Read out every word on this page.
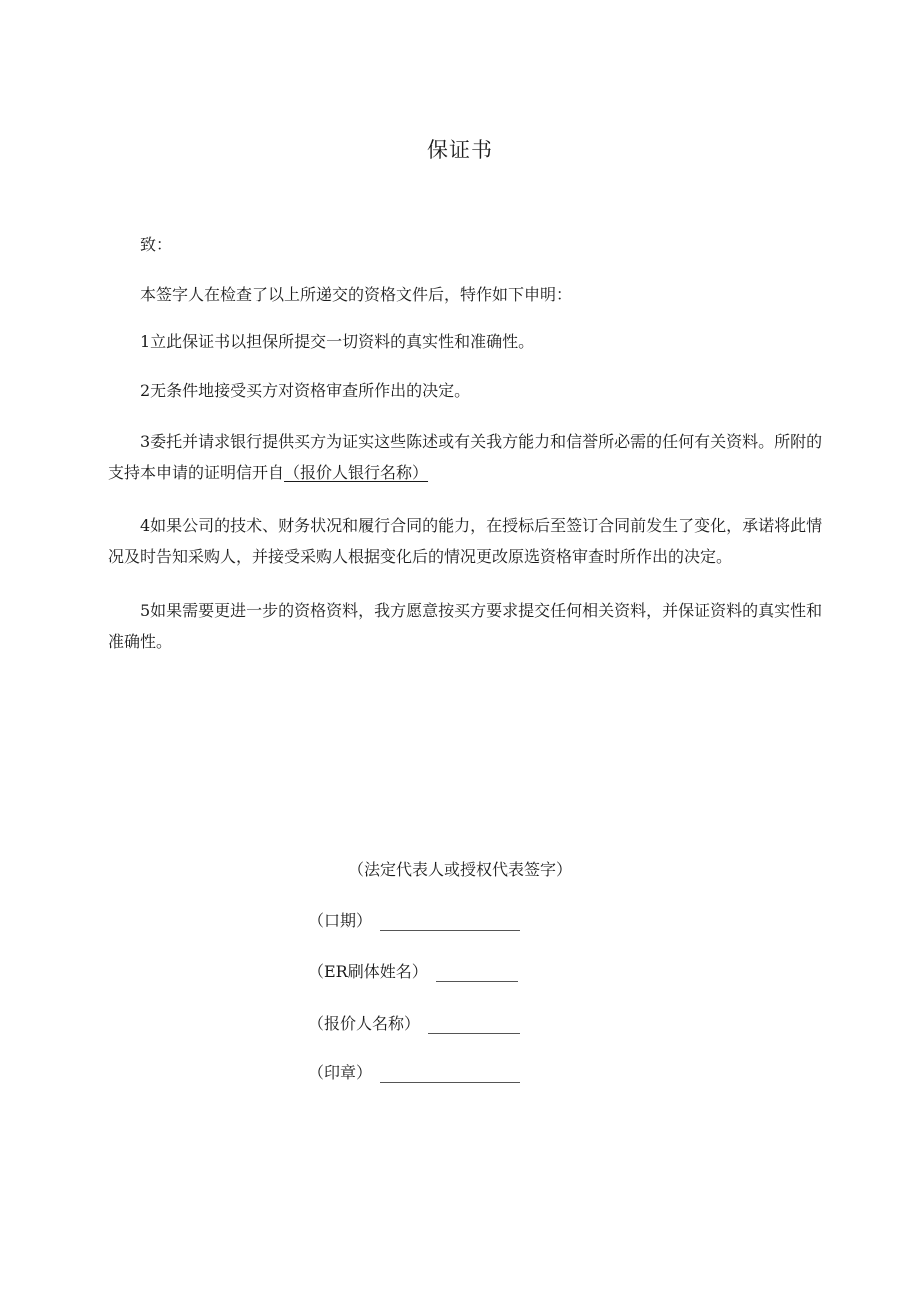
保证书

致：

本签字人在检查了以上所递交的资格文件后，特作如下申明：

1立此保证书以担保所提交一切资料的真实性和准确性。

2无条件地接受买方对资格审查所作出的决定。

3委托并请求银行提供买方为证实这些陈述或有关我方能力和信誉所必需的任何有关资料。所附的支持本申请的证明信开自（报价人银行名称）

4如果公司的技术、财务状况和履行合同的能力，在授标后至签订合同前发生了变化，承诺将此情况及时告知采购人，并接受采购人根据变化后的情况更改原选资格审查时所作出的决定。

5如果需要更进一步的资格资料，我方愿意按买方要求提交任何相关资料，并保证资料的真实性和准确性。

（法定代表人或授权代表签字）
（口期）
（ER刷体姓名）
（报价人名称）
（印章）
